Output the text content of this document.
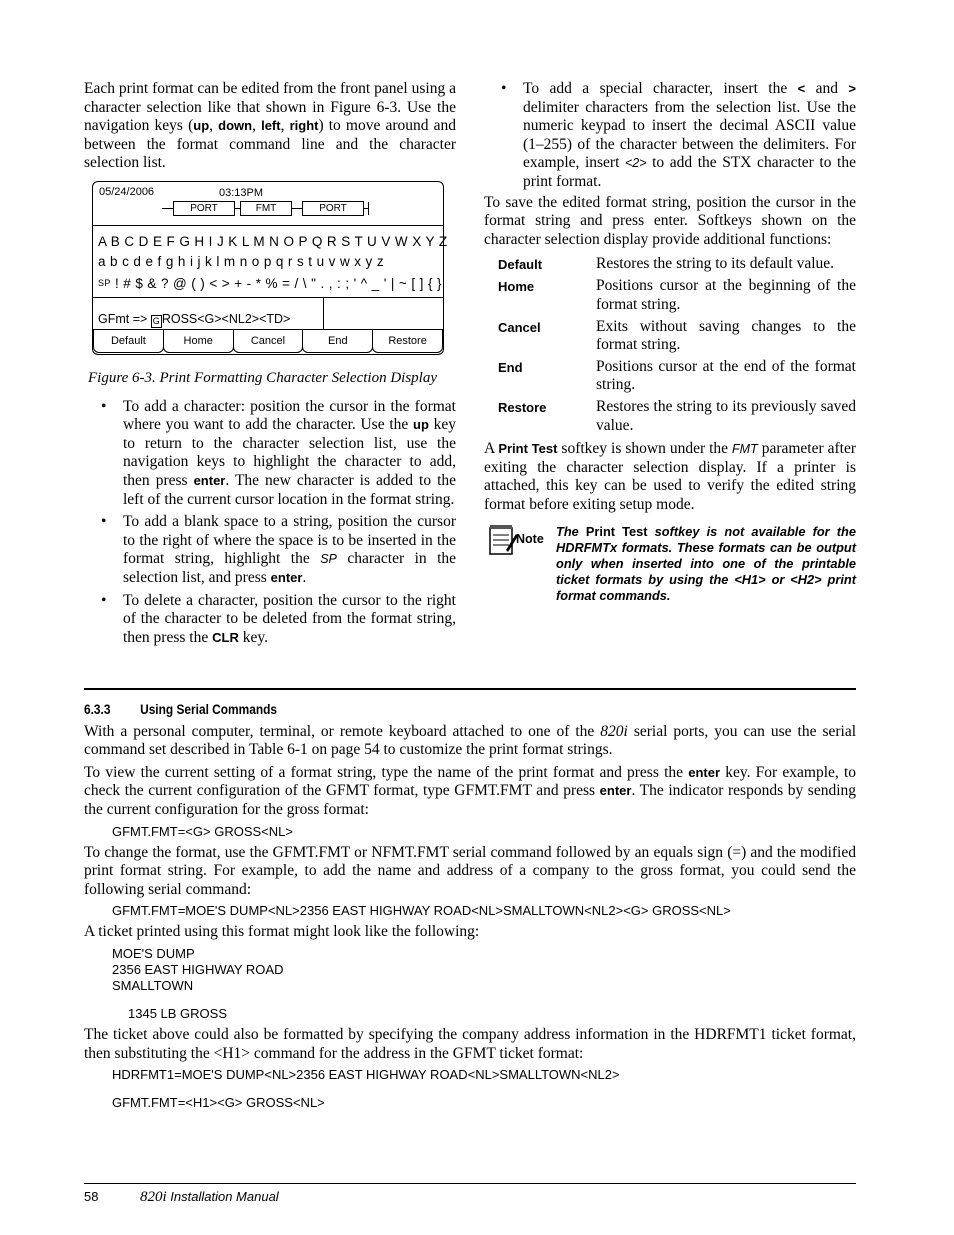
Each print format can be edited from the front panel using a character selection like that shown in Figure 6-3. Use the navigation keys (up, down, left, right) to move around and between the format command line and the character selection list.

05/24/2006	03:13PM
PORT	FMT	PORT
A B C D E F G H I J K L M N O P Q R S T U V W X Y Z
a b c d e f g h i j k l m n o p q r s t u v w x y z
SP ! # $ & ? @ ( ) < > + - * % = / \ " . , : ; ' ^ _ ' | ~ [ ] { }
GFmt => G ROSS<G><NL2><TD>
Default	Home	Cancel	End	Restore
Figure 6-3. Print Formatting Character Selection Display
• To add a character: position the cursor in the format where you want to add the character. Use the up key to return to the character selection list, use the navigation keys to highlight the character to add, then press enter. The new character is added to the left of the current cursor location in the format string.
• To add a blank space to a string, position the cursor to the right of where the space is to be inserted in the format string, highlight the SP character in the selection list, and press enter.
• To delete a character, position the cursor to the right of the character to be deleted from the format string, then press the CLR key.
• To add a special character, insert the < and > delimiter characters from the selection list. Use the numeric keypad to insert the decimal ASCII value (1–255) of the character between the delimiters. For example, insert <2> to add the STX character to the print format.

To save the edited format string, position the cursor in the format string and press enter. Softkeys shown on the character selection display provide additional functions:

Default	Restores the string to its default value.
Home	Positions cursor at the beginning of the format string.
Cancel	Exits without saving changes to the format string.
End	Positions cursor at the end of the format string.
Restore	Restores the string to its previously saved value.

A Print Test softkey is shown under the FMT parameter after exiting the character selection display. If a printer is attached, this key can be used to verify the edited string format before exiting setup mode.

Note The Print Test softkey is not available for the HDRFMTx formats. These formats can be output only when inserted into one of the printable ticket formats by using the <H1> or <H2> print format commands.
6.3.3 Using Serial Commands

With a personal computer, terminal, or remote keyboard attached to one of the 820i serial ports, you can use the serial command set described in Table 6-1 on page 54 to customize the print format strings.

To view the current setting of a format string, type the name of the print format and press the enter key. For example, to check the current configuration of the GFMT format, type GFMT.FMT and press enter. The indicator responds by sending the current configuration for the gross format:

GFMT.FMT=<G> GROSS<NL>

To change the format, use the GFMT.FMT or NFMT.FMT serial command followed by an equals sign (=) and the modified print format string. For example, to add the name and address of a company to the gross format, you could send the following serial command:

GFMT.FMT=MOE'S DUMP<NL>2356 EAST HIGHWAY ROAD<NL>SMALLTOWN<NL2><G> GROSS<NL>

A ticket printed using this format might look like the following:

MOE'S DUMP
2356 EAST HIGHWAY ROAD
SMALLTOWN
1345 LB GROSS

The ticket above could also be formatted by specifying the company address information in the HDRFMT1 ticket format, then substituting the <H1> command for the address in the GFMT ticket format:

HDRFMT1=MOE'S DUMP<NL>2356 EAST HIGHWAY ROAD<NL>SMALLTOWN<NL2>
GFMT.FMT=<H1><G> GROSS<NL>
58	820i Installation Manual
